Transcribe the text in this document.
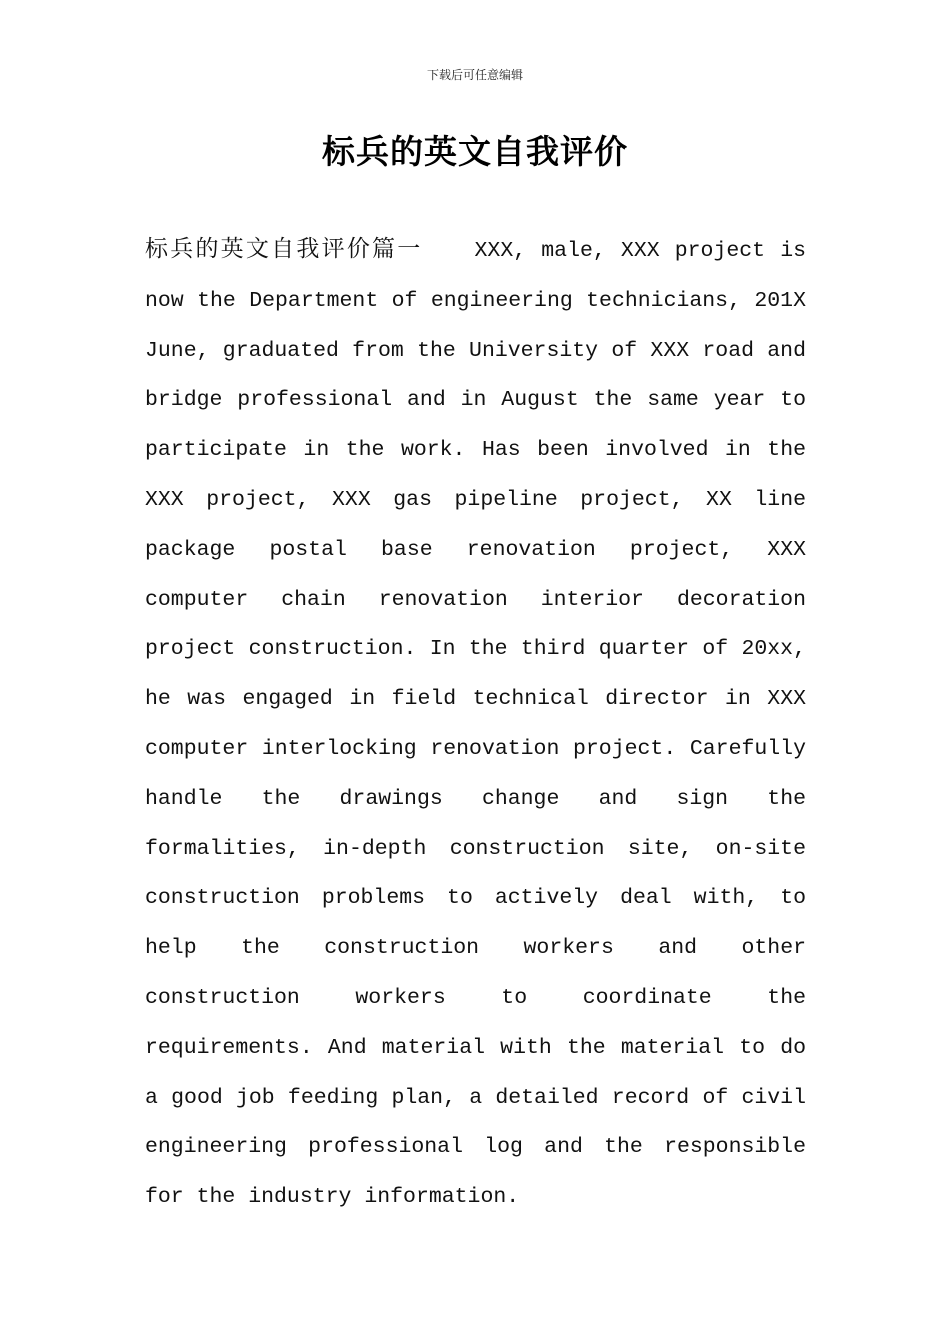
下载后可任意编辑
标兵的英文自我评价

标兵的英文自我评价篇一 XXX, male, XXX project is now the Department of engineering technicians, 201X June, graduated from the University of XXX road and bridge professional and in August the same year to participate in the work. Has been involved in the XXX project, XXX gas pipeline project, XX line package postal base renovation project, XXX computer chain renovation interior decoration project construction. In the third quarter of 20xx, he was engaged in field technical director in XXX computer interlocking renovation project. Carefully handle the drawings change and sign the formalities, in-depth construction site, on-site construction problems to actively deal with, to help the construction workers and other construction workers to coordinate the requirements. And material with the material to do a good job feeding plan, a detailed record of civil engineering professional log and the responsible for the industry information.
